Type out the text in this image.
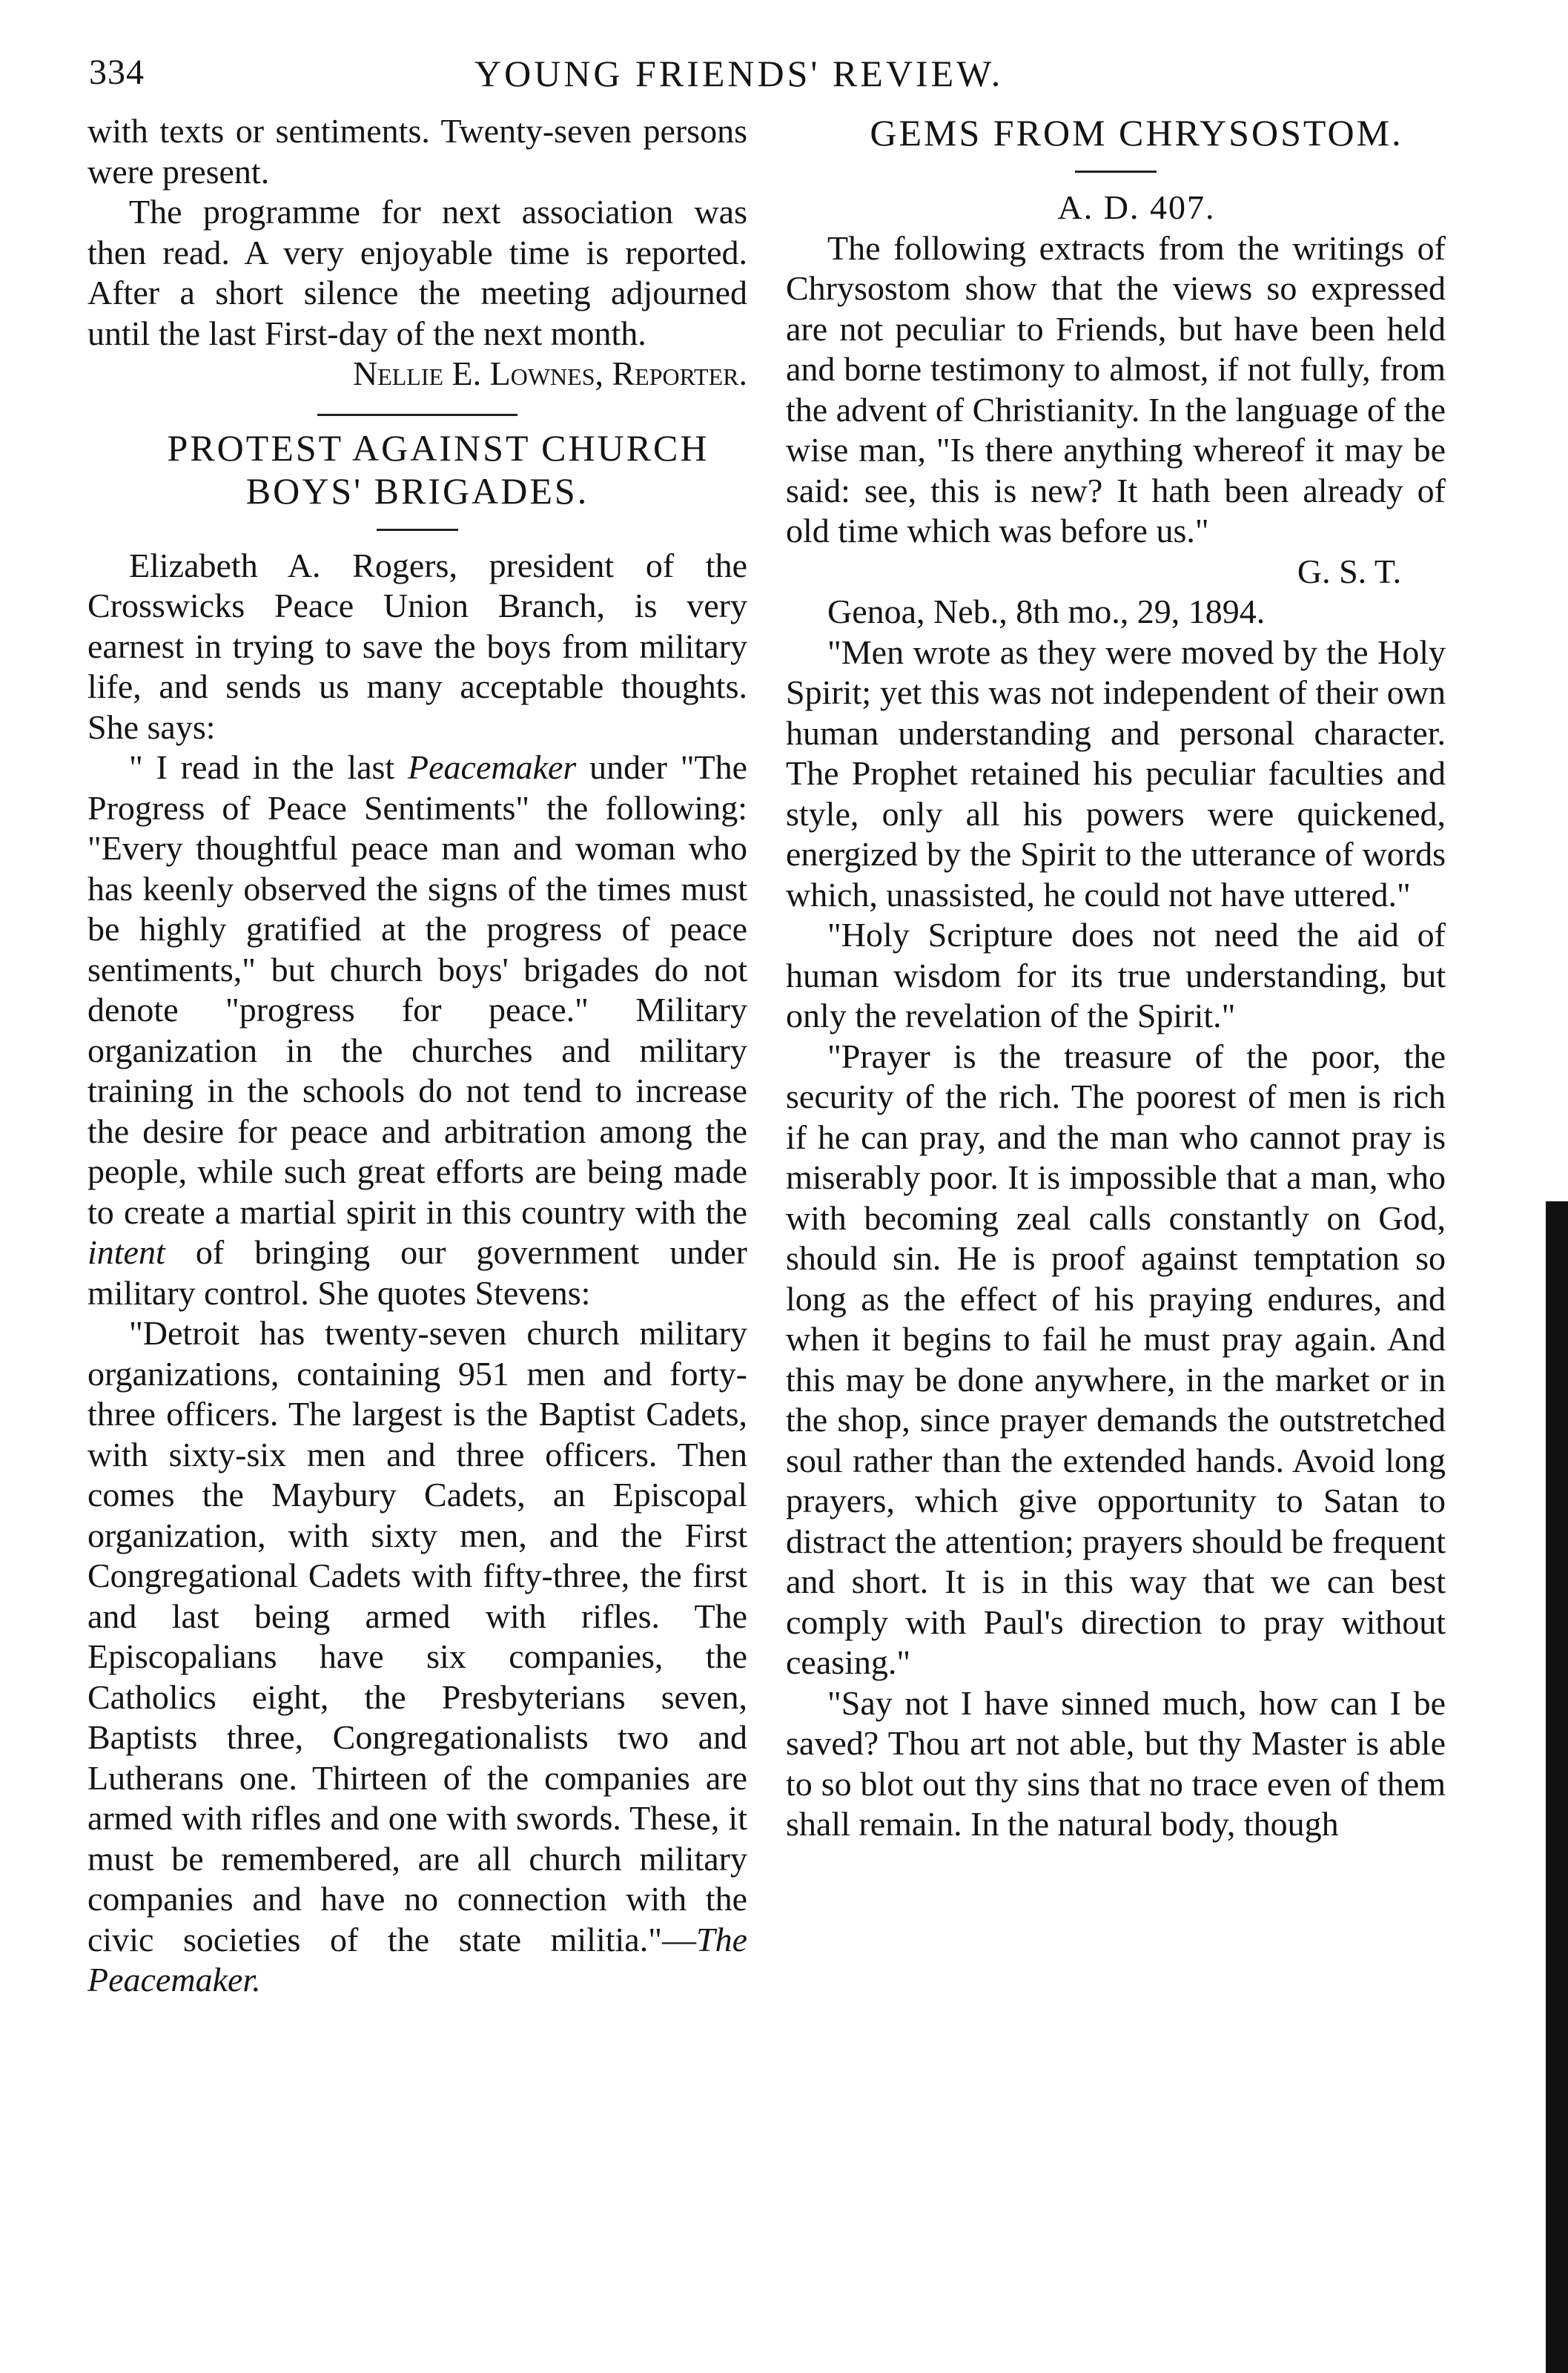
334	YOUNG FRIENDS' REVIEW.

with texts or sentiments. Twenty-seven persons were present.

The programme for next association was then read. A very enjoyable time is reported. After a short silence the meeting adjourned until the last First-day of the next month.

Nellie E. Lownes, Reporter.

PROTEST AGAINST CHURCH BOYS' BRIGADES.

Elizabeth A. Rogers, president of the Crosswicks Peace Union Branch, is very earnest in trying to save the boys from military life, and sends us many acceptable thoughts. She says:

" I read in the last Peacemaker under "The Progress of Peace Sentiments" the following: "Every thoughtful peace man and woman who has keenly observed the signs of the times must be highly gratified at the progress of peace sentiments," but church boys' brigades do not denote "progress for peace." Military organization in the churches and military training in the schools do not tend to increase the desire for peace and arbitration among the people, while such great efforts are being made to create a martial spirit in this country with the intent of bringing our government under military control. She quotes Stevens:

"Detroit has twenty-seven church military organizations, containing 951 men and forty-three officers. The largest is the Baptist Cadets, with sixty-six men and three officers. Then comes the Maybury Cadets, an Episcopal organization, with sixty men, and the First Congregational Cadets with fifty-three, the first and last being armed with rifles. The Episcopalians have six companies, the Catholics eight, the Presbyterians seven, Baptists three, Congregationalists two and Lutherans one. Thirteen of the companies are armed with rifles and one with swords. These, it must be remembered, are all church military companies and have no connection with the civic societies of the state militia."—The Peacemaker.

GEMS FROM CHRYSOSTOM.

A. D. 407.

The following extracts from the writings of Chrysostom show that the views so expressed are not peculiar to Friends, but have been held and borne testimony to almost, if not fully, from the advent of Christianity. In the language of the wise man, "Is there anything whereof it may be said: see, this is new? It hath been already of old time which was before us."

G. S. T.

Genoa, Neb., 8th mo., 29, 1894.

"Men wrote as they were moved by the Holy Spirit; yet this was not independent of their own human understanding and personal character. The Prophet retained his peculiar faculties and style, only all his powers were quickened, energized by the Spirit to the utterance of words which, unassisted, he could not have uttered."

"Holy Scripture does not need the aid of human wisdom for its true understanding, but only the revelation of the Spirit."

"Prayer is the treasure of the poor, the security of the rich. The poorest of men is rich if he can pray, and the man who cannot pray is miserably poor. It is impossible that a man, who with becoming zeal calls constantly on God, should sin. He is proof against temptation so long as the effect of his praying endures, and when it begins to fail he must pray again. And this may be done anywhere, in the market or in the shop, since prayer demands the outstretched soul rather than the extended hands. Avoid long prayers, which give opportunity to Satan to distract the attention; prayers should be frequent and short. It is in this way that we can best comply with Paul's direction to pray without ceasing."

"Say not I have sinned much, how can I be saved? Thou art not able, but thy Master is able to so blot out thy sins that no trace even of them shall remain. In the natural body, though
